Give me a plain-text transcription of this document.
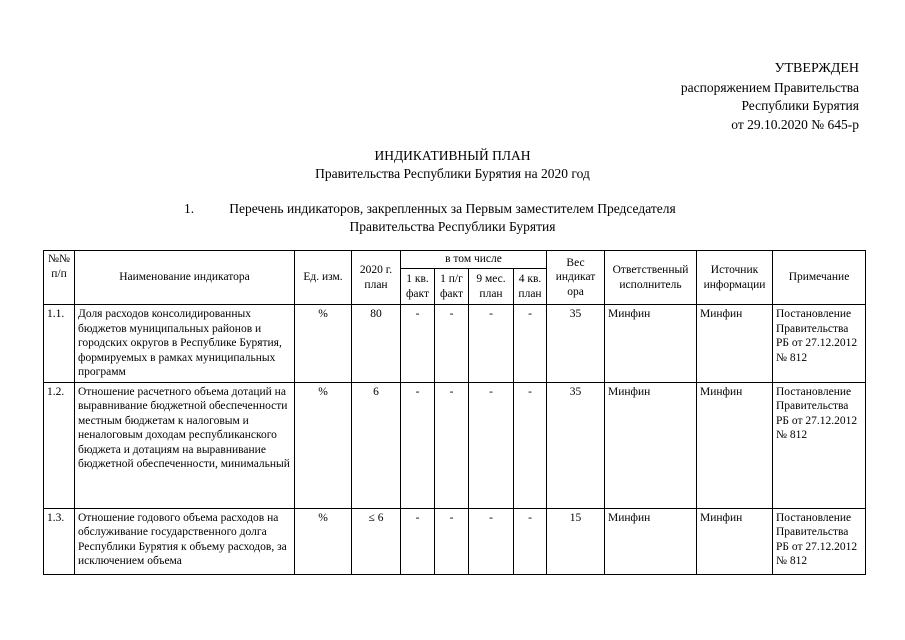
УТВЕРЖДЕН
распоряжением Правительства
Республики Бурятия
от 29.10.2020 № 645-р
ИНДИКАТИВНЫЙ ПЛАН
Правительства Республики Бурятия на 2020 год
1.	Перечень индикаторов, закрепленных за Первым заместителем Председателя
Правительства Республики Бурятия
№№ п/п	Наименование индикатора	Ед. изм.	2020 г. план	в том числе				Вес индикат ора	Ответственный исполнитель	Источник информации	Примечание
				1 кв. факт	1 п/г факт	9 мес. план	4 кв. план				
1.1.	Доля расходов консолидированных бюджетов муниципальных районов и городских округов в Республике Бурятия, формируемых в рамках муниципальных программ	%	80	-	-	-	-	35	Минфин	Минфин	Постановление Правительства РБ от 27.12.2012 № 812
1.2.	Отношение расчетного объема дотаций на выравнивание бюджетной обеспеченности местным бюджетам к налоговым и неналоговым доходам республиканского бюджета и дотациям на выравнивание бюджетной обеспеченности, минимальный	%	6	-	-	-	-	35	Минфин	Минфин	Постановление Правительства РБ от 27.12.2012 № 812
1.3.	Отношение годового объема расходов на обслуживание государственного долга Республики Бурятия к объему расходов, за исключением объема	%	≤ 6	-	-	-	-	15	Минфин	Минфин	Постановление Правительства РБ от 27.12.2012 № 812
